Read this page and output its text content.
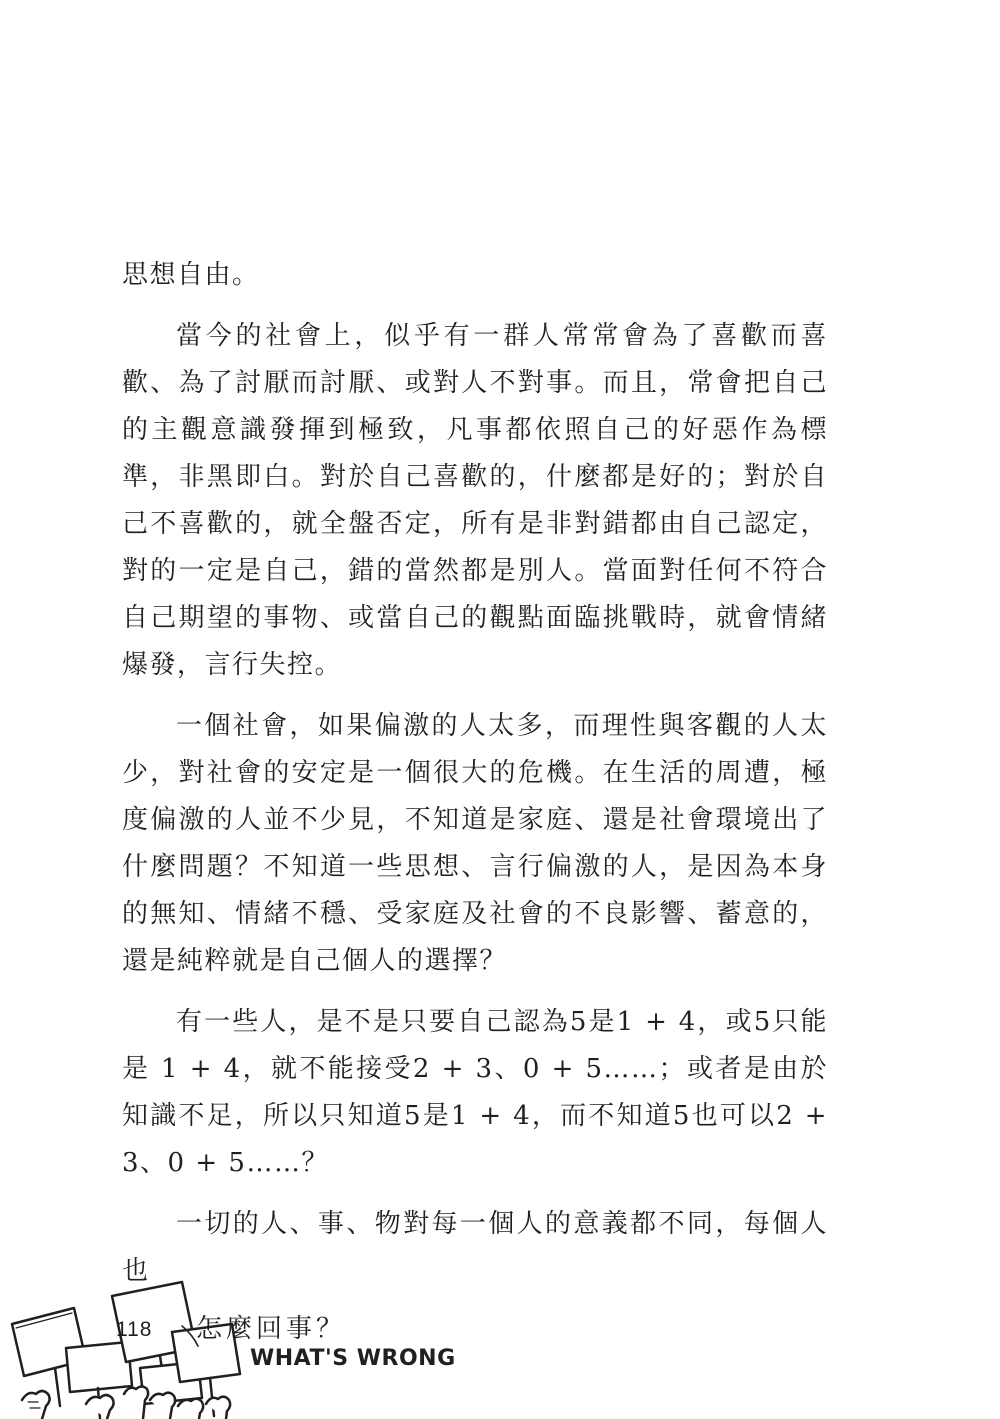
思想自由。

當今的社會上，似乎有一群人常常會為了喜歡而喜歡、為了討厭而討厭、或對人不對事。而且，常會把自己的主觀意識發揮到極致，凡事都依照自己的好惡作為標準，非黑即白。對於自己喜歡的，什麼都是好的；對於自己不喜歡的，就全盤否定，所有是非對錯都由自己認定，對的一定是自己，錯的當然都是別人。當面對任何不符合自己期望的事物、或當自己的觀點面臨挑戰時，就會情緒爆發，言行失控。

一個社會，如果偏激的人太多，而理性與客觀的人太少，對社會的安定是一個很大的危機。在生活的周遭，極度偏激的人並不少見，不知道是家庭、還是社會環境出了什麼問題？不知道一些思想、言行偏激的人，是因為本身的無知、情緒不穩、受家庭及社會的不良影響、蓄意的，還是純粹就是自己個人的選擇？

有一些人，是不是只要自己認為5是1 + 4，或5只能是 1 + 4，就不能接受2 + 3、0 + 5……；或者是由於知識不足，所以只知道5是1 + 4，而不知道5也可以2 + 3、0 + 5……？

一切的人、事、物對每一個人的意義都不同，每個人也

118 怎麼回事？
WHAT'S WRONG
